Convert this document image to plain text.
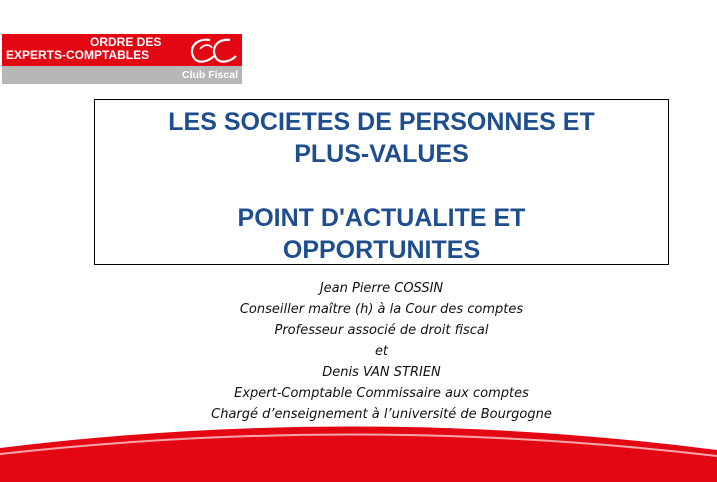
ORDRE DES
EXPERTS-COMPTABLES
Club Fiscal
LES SOCIETES DE PERSONNES ET
PLUS-VALUES
POINT D'ACTUALITE ET
OPPORTUNITES
Jean Pierre COSSIN
Conseiller maître (h) à la Cour des comptes
Professeur associé de droit fiscal
et
Denis VAN STRIEN
Expert-Comptable Commissaire aux comptes
Chargé d’enseignement à l’université de Bourgogne
